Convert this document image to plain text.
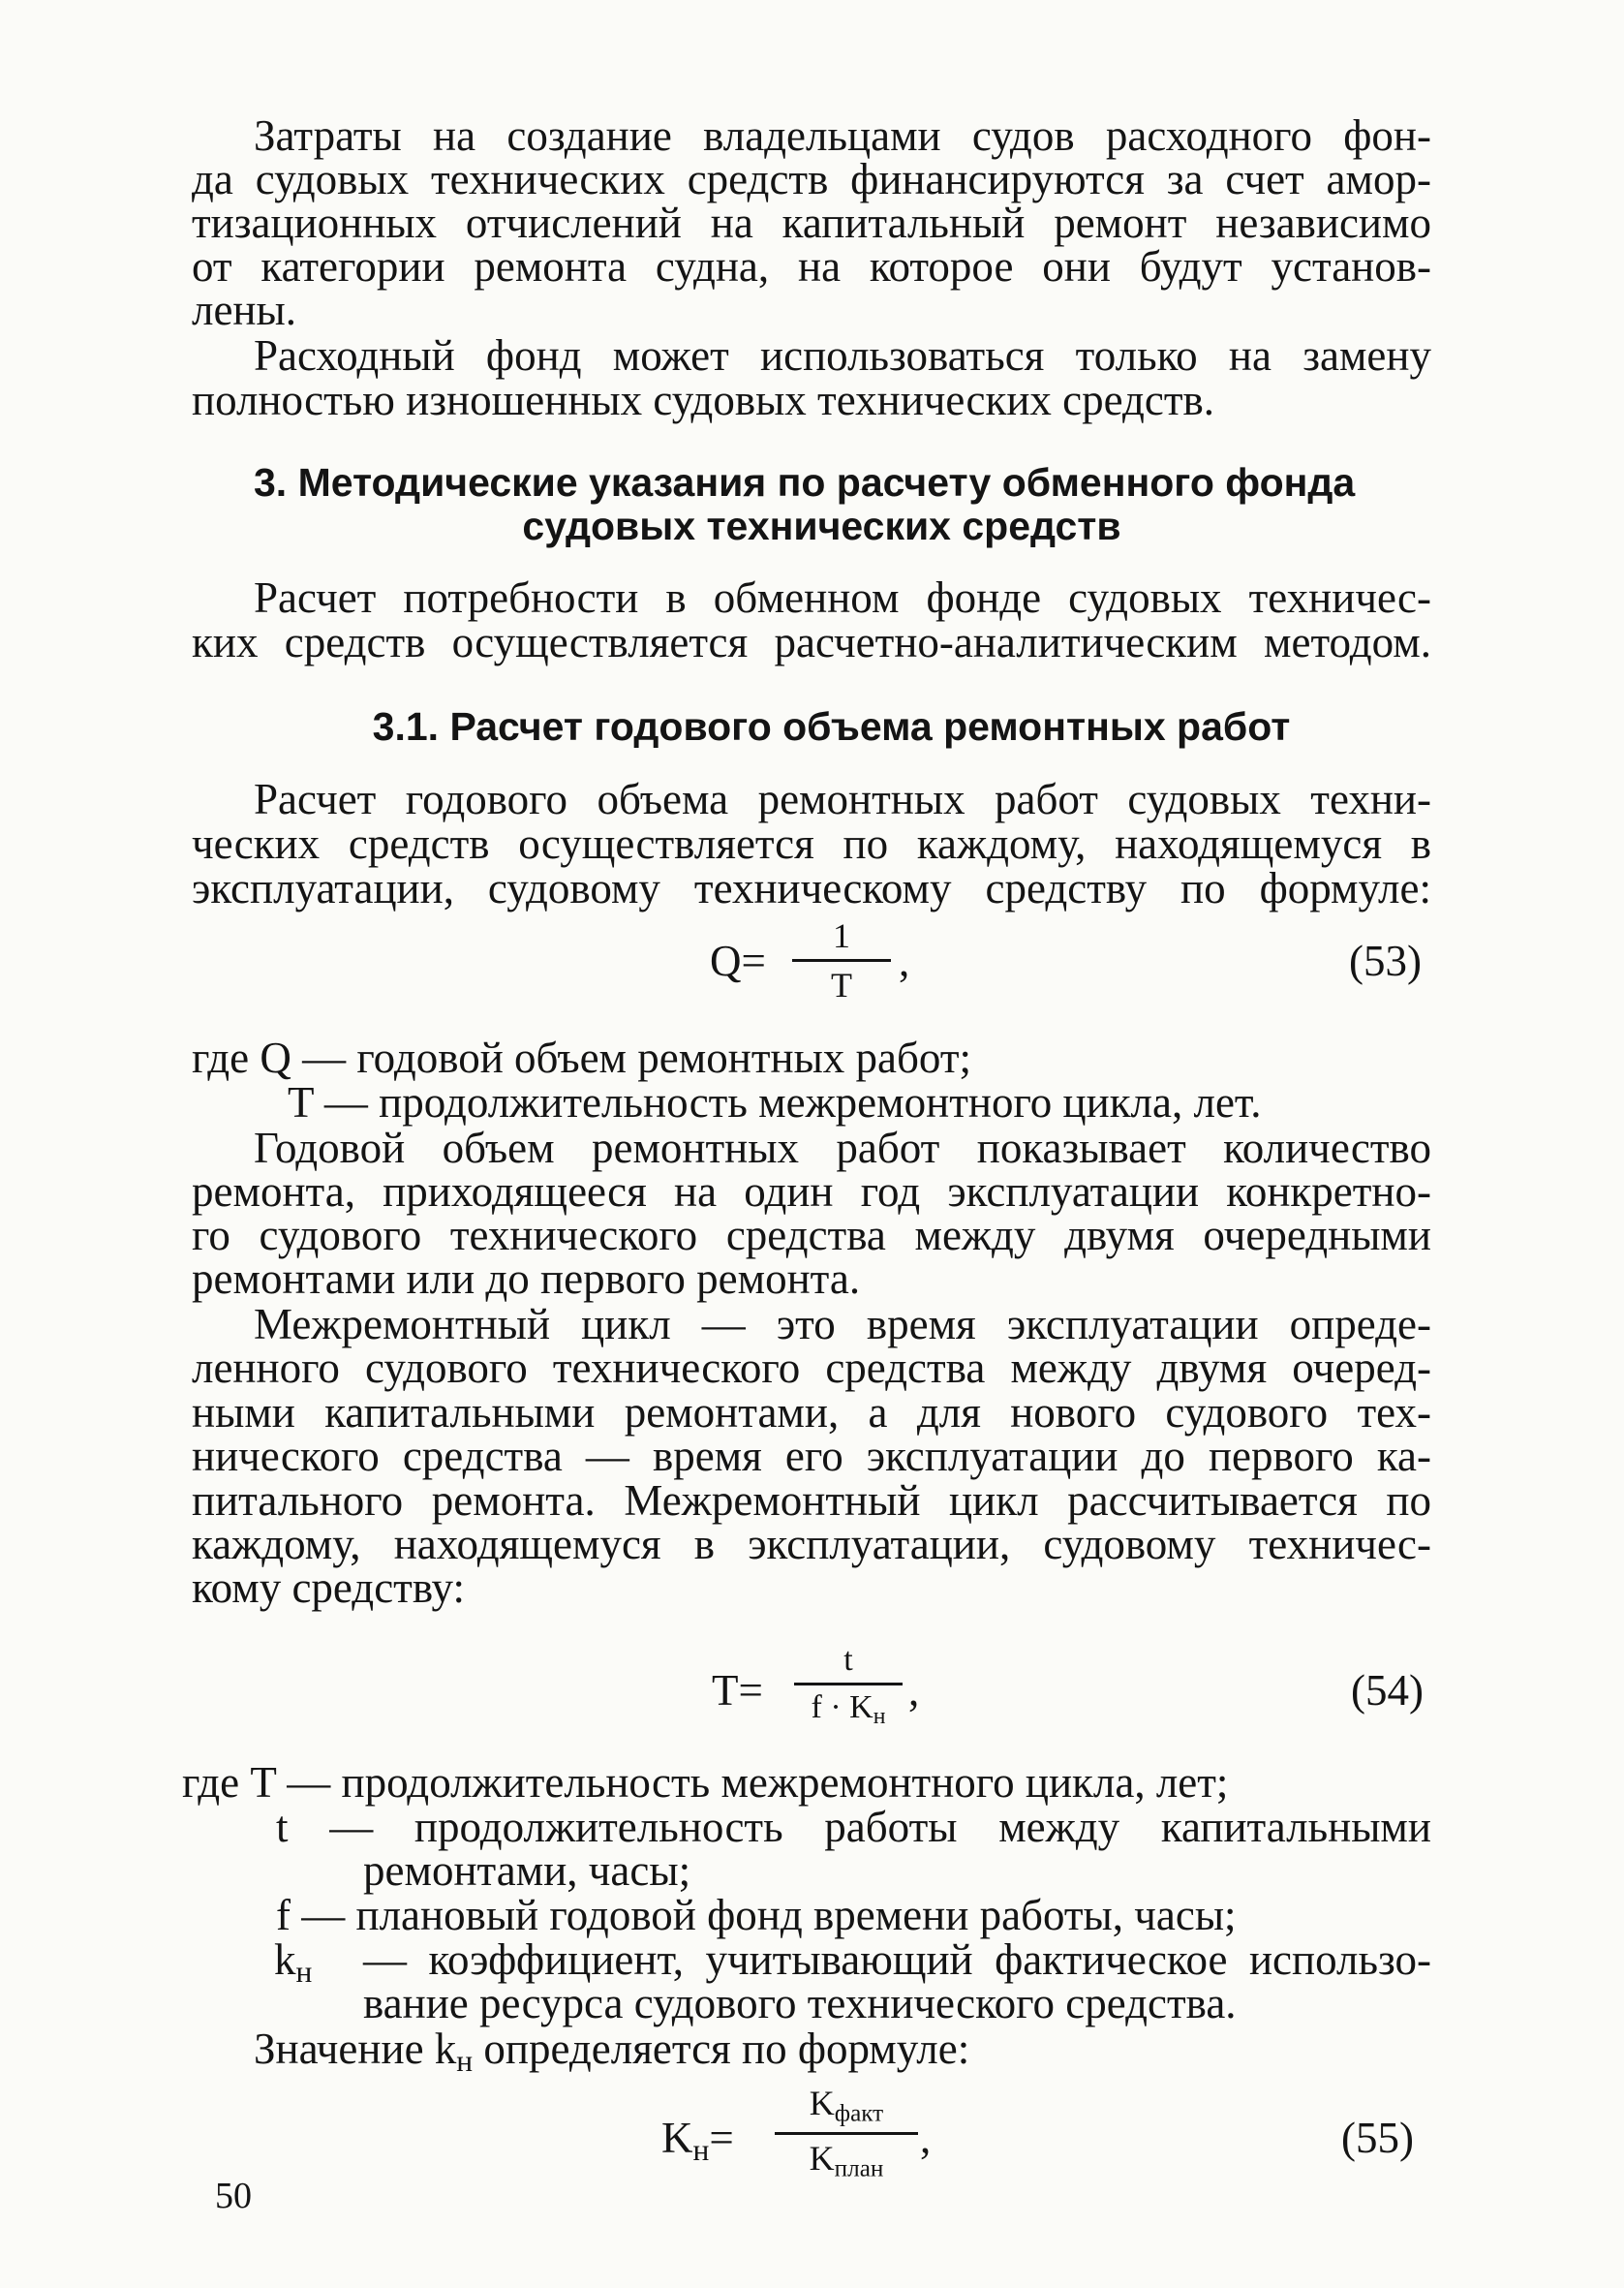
Затраты на создание владельцами судов расходного фон-

да судовых технических средств финансируются за счет амор-

тизационных отчислений на капитальный ремонт независимо

от категории ремонта судна, на которое они будут установ-

лены.

Расходный фонд может использоваться только на замену

полностью изношенных судовых технических средств.

3. Методические указания по расчету обменного фонда

судовых технических средств

Расчет потребности в обменном фонде судовых техничес-

ких средств осуществляется расчетно-аналитическим методом.

3.1. Расчет годового объема ремонтных работ

Расчет годового объема ремонтных работ судовых техни-

ческих средств осуществляется по каждому, находящемуся в

эксплуатации, судовому техническому средству по формуле:

Q=
1
T	,	(53)

где Q — годовой объем ремонтных работ;

T — продолжительность межремонтного цикла, лет.

Годовой объем ремонтных работ показывает количество

ремонта, приходящееся на один год эксплуатации конкретно-

го судового технического средства между двумя очередными

ремонтами или до первого ремонта.

Межремонтный цикл — это время эксплуатации опреде-

ленного судового технического средства между двумя очеред-

ными капитальными ремонтами, а для нового судового тех-

нического средства — время его эксплуатации до первого ка-

питального ремонта. Межремонтный цикл рассчитывается по

каждому, находящемуся в эксплуатации, судовому техничес-

кому средству:

T=
t
$f \cdot K_н$
,	(54)

где T — продолжительность межремонтного цикла, лет;

t — продолжительность работы между капитальными

ремонтами, часы;

f — плановый годовой фонд времени работы, часы;

$k_н$ — коэффициент, учитывающий фактическое использо-

вание ресурса судового технического средства.

Значение $k_н$ определяется по формуле:

$K_н=$
$K_{факт}$
$K_{план}$
,	(55)

50
